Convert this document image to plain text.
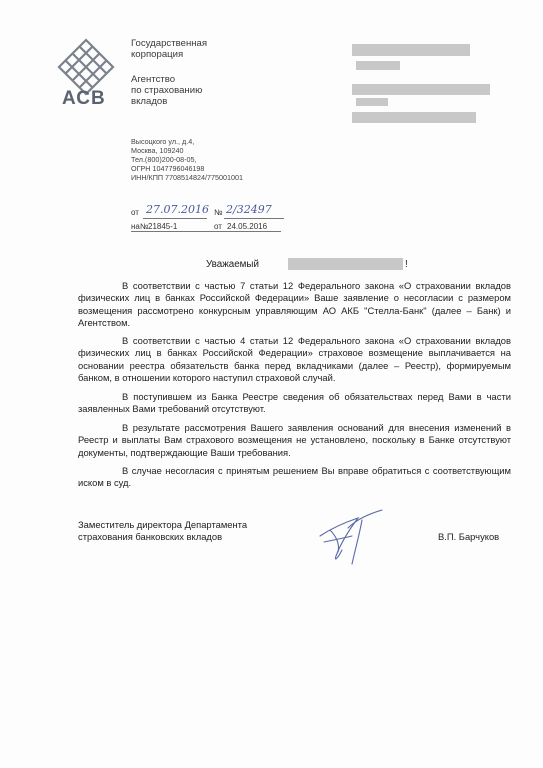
АСВ
Государственная
корпорация
Агентство
по страхованию
вкладов
Высоцкого ул., д.4,
Москва, 109240
Тел.(800)200-08-05,
ОГРН 1047796046198
ИНН/КПП 7708514824/775001001
от 27.07.2016 № 2/32497
на№ 21845-1	от 24.05.2016
Уважаемый	!

В соответствии с частью 7 статьи 12 Федерального закона «О страховании вкладов физических лиц в банках Российской Федерации» Ваше заявление о несогласии с размером возмещения рассмотрено конкурсным управляющим АО АКБ "Стелла-Банк" (далее – Банк) и Агентством.

В соответствии с частью 4 статьи 12 Федерального закона «О страховании вкладов физических лиц в банках Российской Федерации» страховое возмещение выплачивается на основании реестра обязательств банка перед вкладчиками (далее – Реестр), формируемым банком, в отношении которого наступил страховой случай.

В поступившем из Банка Реестре сведения об обязательствах перед Вами в части заявленных Вами требований отсутствуют.

В результате рассмотрения Вашего заявления оснований для внесения изменений в Реестр и выплаты Вам страхового возмещения не установлено, поскольку в Банке отсутствуют документы, подтверждающие Ваши требования.

В случае несогласия с принятым решением Вы вправе обратиться с соответствующим иском в суд.

Заместитель директора Департамента
страхования банковских вкладов	В.П. Барчуков
